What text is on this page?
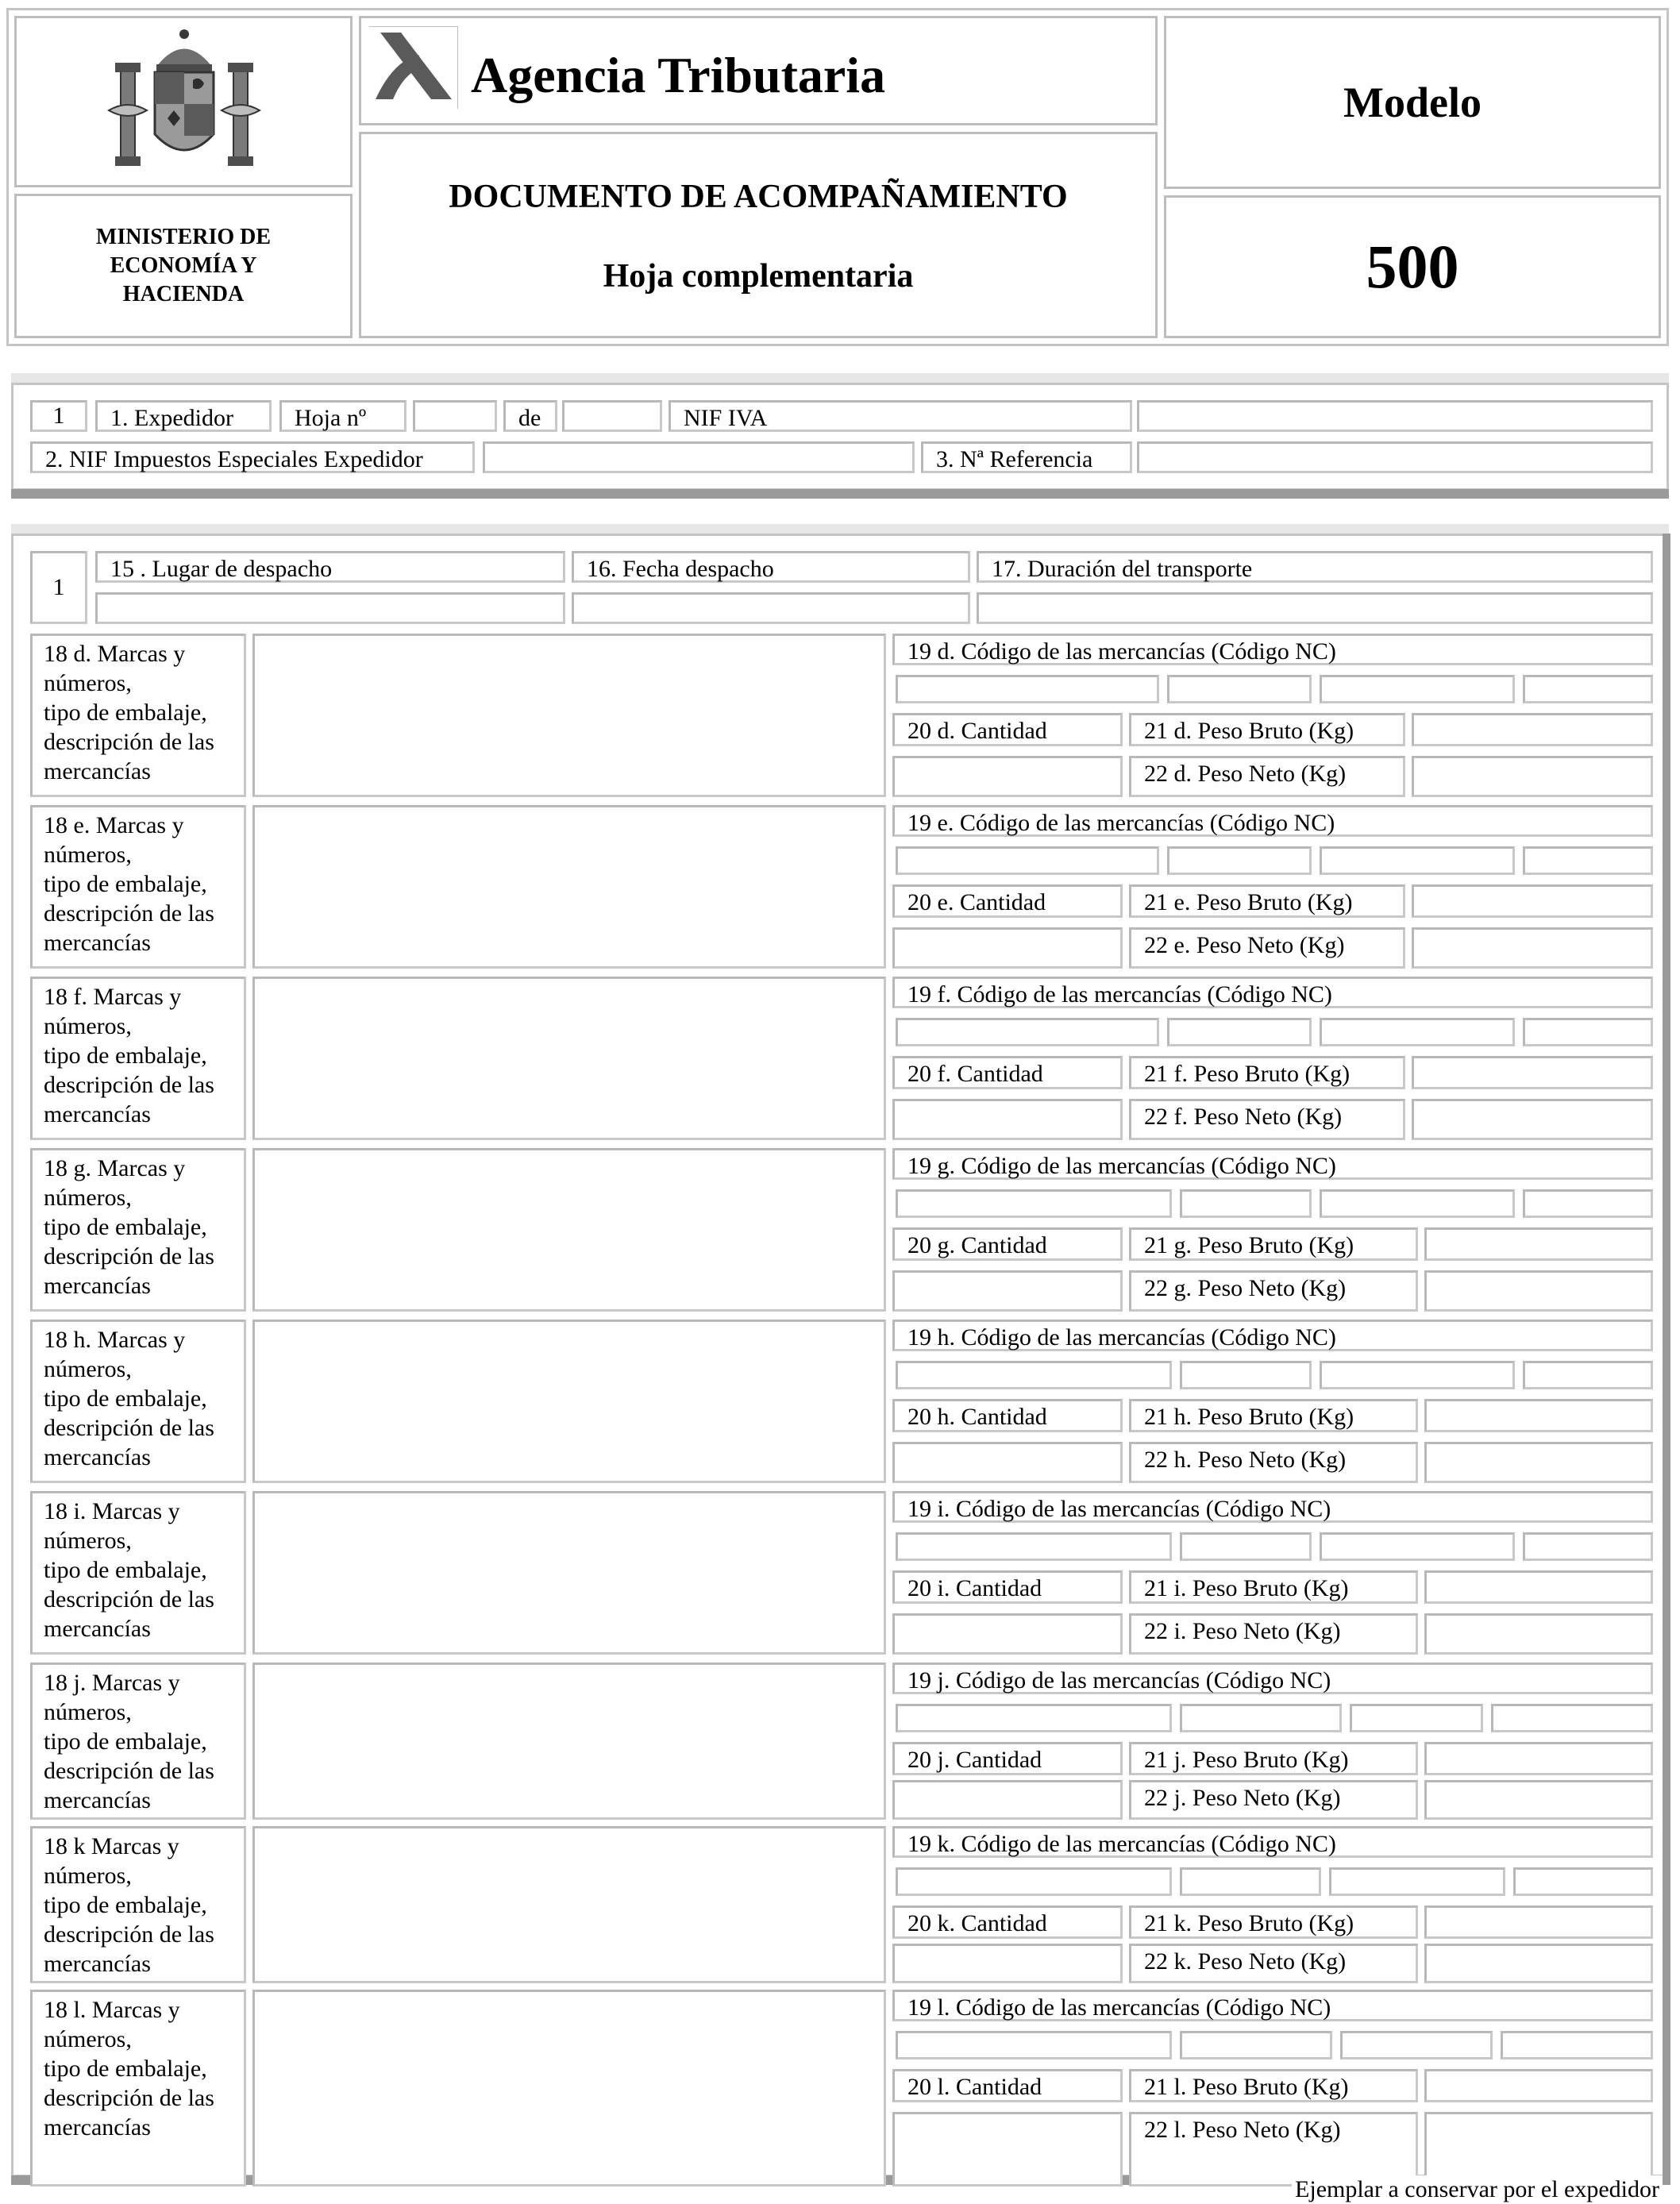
MINISTERIO DE
ECONOMÍA Y
HACIENDA
Agencia Tributaria
DOCUMENTO DE ACOMPAÑAMIENTO
Hoja complementaria
Modelo
500
1	1. Expedidor	Hoja nº	de	NIF IVA
2. NIF Impuestos Especiales Expedidor	3. Nª Referencia
1
15 . Lugar de despacho	16. Fecha despacho	17. Duración del transporte
18 d. Marcas y
números,
tipo de embalaje,
descripción de las
mercancías
19 d. Código de las mercancías (Código NC)
20 d. Cantidad	21 d. Peso Bruto (Kg)
22 d. Peso Neto (Kg)
18 e. Marcas y
números,
tipo de embalaje,
descripción de las
mercancías
19 e. Código de las mercancías (Código NC)
20 e. Cantidad	21 e. Peso Bruto (Kg)
22 e. Peso Neto (Kg)
18 f. Marcas y
números,
tipo de embalaje,
descripción de las
mercancías
19 f. Código de las mercancías (Código NC)
20 f. Cantidad	21 f. Peso Bruto (Kg)
22 f. Peso Neto (Kg)
18 g. Marcas y
números,
tipo de embalaje,
descripción de las
mercancías
19 g. Código de las mercancías (Código NC)
20 g. Cantidad	21 g. Peso Bruto (Kg)
22 g. Peso Neto (Kg)
18 h. Marcas y
números,
tipo de embalaje,
descripción de las
mercancías
19 h. Código de las mercancías (Código NC)
20 h. Cantidad	21 h. Peso Bruto (Kg)
22 h. Peso Neto (Kg)
18 i. Marcas y
números,
tipo de embalaje,
descripción de las
mercancías
19 i. Código de las mercancías (Código NC)
20 i. Cantidad	21 i. Peso Bruto (Kg)
22 i. Peso Neto (Kg)
18 j. Marcas y
números,
tipo de embalaje,
descripción de las
mercancías
19 j. Código de las mercancías (Código NC)
20 j. Cantidad	21 j. Peso Bruto (Kg)
22 j. Peso Neto (Kg)
18 k Marcas y
números,
tipo de embalaje,
descripción de las
mercancías
19 k. Código de las mercancías (Código NC)
20 k. Cantidad	21 k. Peso Bruto (Kg)
22 k. Peso Neto (Kg)
18 l. Marcas y
números,
tipo de embalaje,
descripción de las
mercancías
19 l. Código de las mercancías (Código NC)
20 l. Cantidad	21 l. Peso Bruto (Kg)
22 l. Peso Neto (Kg)
Ejemplar a conservar por el expedidor
